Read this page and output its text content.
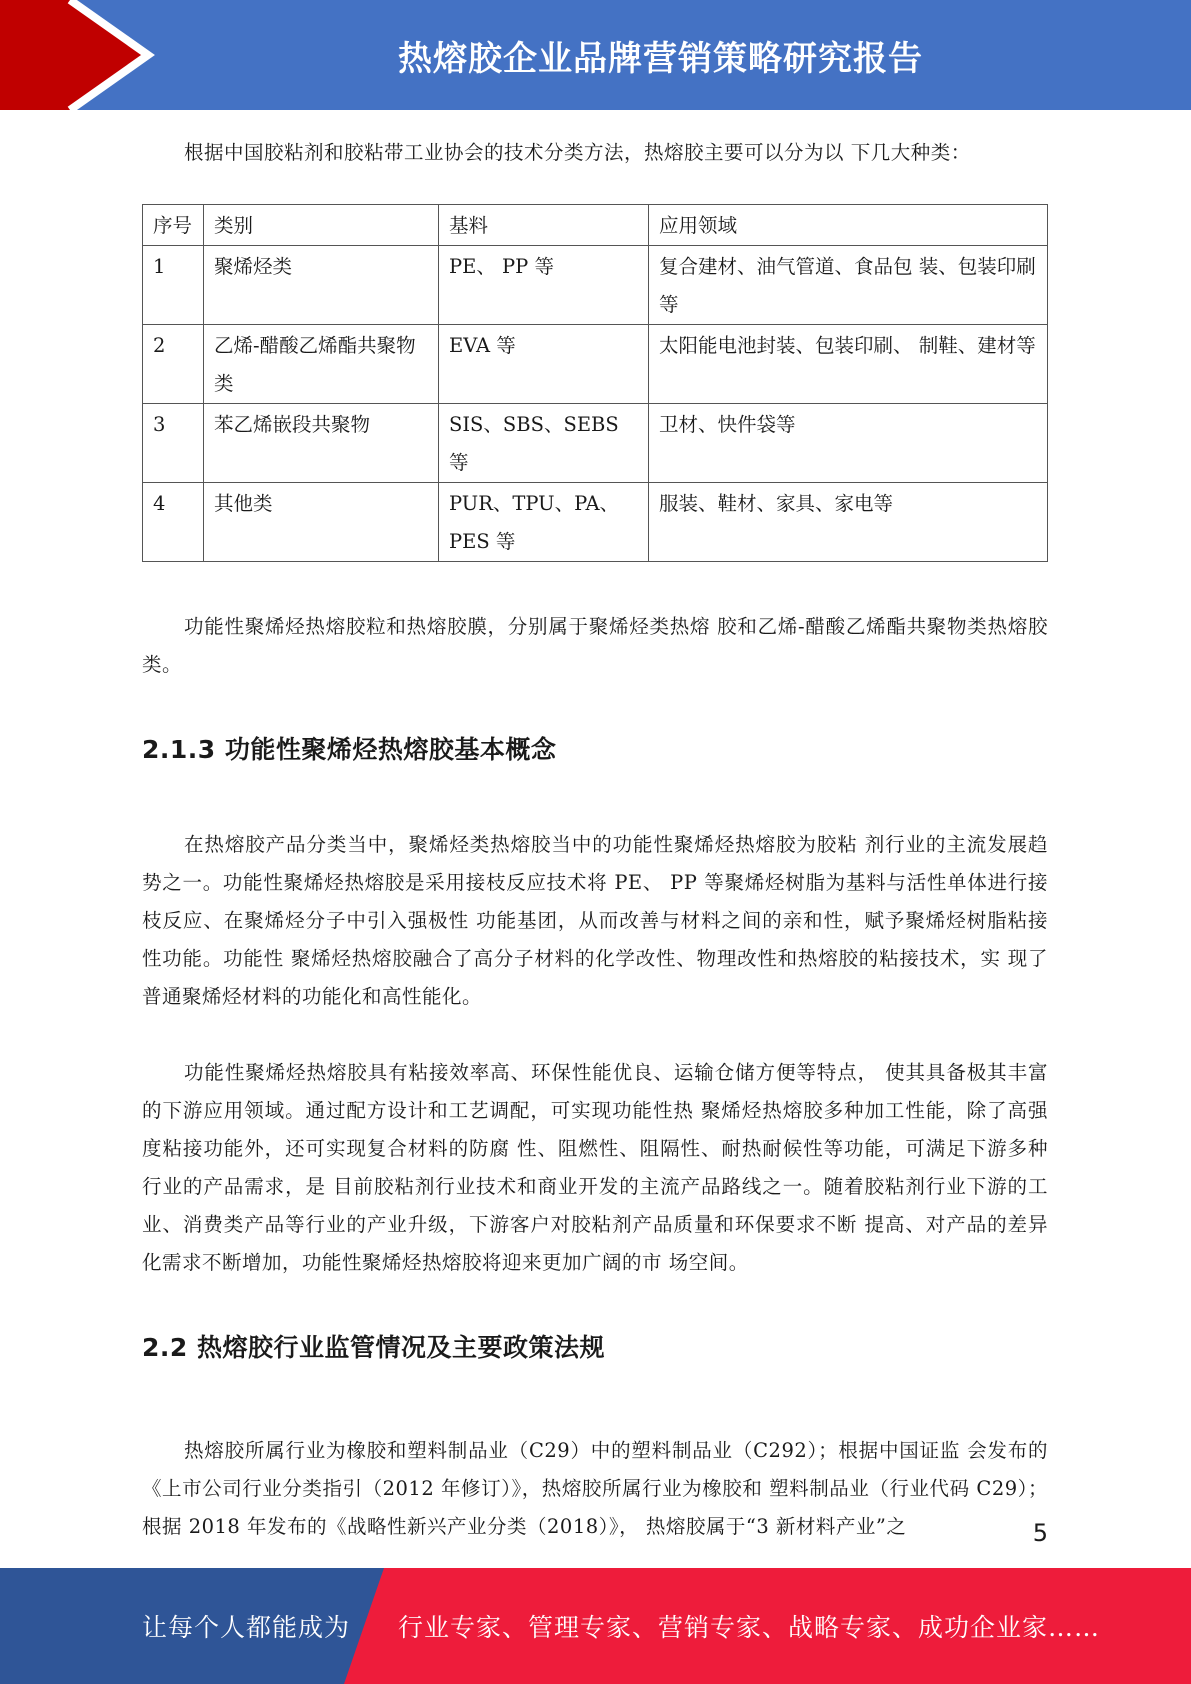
热熔胶企业品牌营销策略研究报告

根据中国胶粘剂和胶粘带工业协会的技术分类方法，热熔胶主要可以分为以 下几大种类：

序号	类别	基料	应用领域
1	聚烯烃类	PE、 PP 等	复合建材、油气管道、食品包 装、包装印刷等
2	乙烯-醋酸乙烯酯共聚物类	EVA 等	太阳能电池封装、包装印刷、 制鞋、建材等
3	苯乙烯嵌段共聚物	SIS、SBS、SEBS 等	卫材、快件袋等
4	其他类	PUR、TPU、PA、PES 等	服装、鞋材、家具、家电等

功能性聚烯烃热熔胶粒和热熔胶膜，分别属于聚烯烃类热熔 胶和乙烯-醋酸乙烯酯共聚物类热熔胶类。

2.1.3 功能性聚烯烃热熔胶基本概念

在热熔胶产品分类当中，聚烯烃类热熔胶当中的功能性聚烯烃热熔胶为胶粘 剂行业的主流发展趋势之一。功能性聚烯烃热熔胶是采用接枝反应技术将 PE、 PP 等聚烯烃树脂为基料与活性单体进行接枝反应、在聚烯烃分子中引入强极性 功能基团，从而改善与材料之间的亲和性，赋予聚烯烃树脂粘接性功能。功能性 聚烯烃热熔胶融合了高分子材料的化学改性、物理改性和热熔胶的粘接技术，实 现了普通聚烯烃材料的功能化和高性能化。

功能性聚烯烃热熔胶具有粘接效率高、环保性能优良、运输仓储方便等特点， 使其具备极其丰富的下游应用领域。通过配方设计和工艺调配，可实现功能性热 聚烯烃热熔胶多种加工性能，除了高强度粘接功能外，还可实现复合材料的防腐 性、阻燃性、阻隔性、耐热耐候性等功能，可满足下游多种行业的产品需求，是 目前胶粘剂行业技术和商业开发的主流产品路线之一。随着胶粘剂行业下游的工 业、消费类产品等行业的产业升级，下游客户对胶粘剂产品质量和环保要求不断 提高、对产品的差异化需求不断增加，功能性聚烯烃热熔胶将迎来更加广阔的市 场空间。

2.2 热熔胶行业监管情况及主要政策法规

热熔胶所属行业为橡胶和塑料制品业（C29）中的塑料制品业（C292）；根据中国证监 会发布的《上市公司行业分类指引（2012 年修订）》，热熔胶所属行业为橡胶和 塑料制品业（行业代码 C29）；根据 2018 年发布的《战略性新兴产业分类（2018）》， 热熔胶属于“3 新材料产业”之	5
让每个人都能成为 行业专家、管理专家、营销专家、战略专家、成功企业家……
